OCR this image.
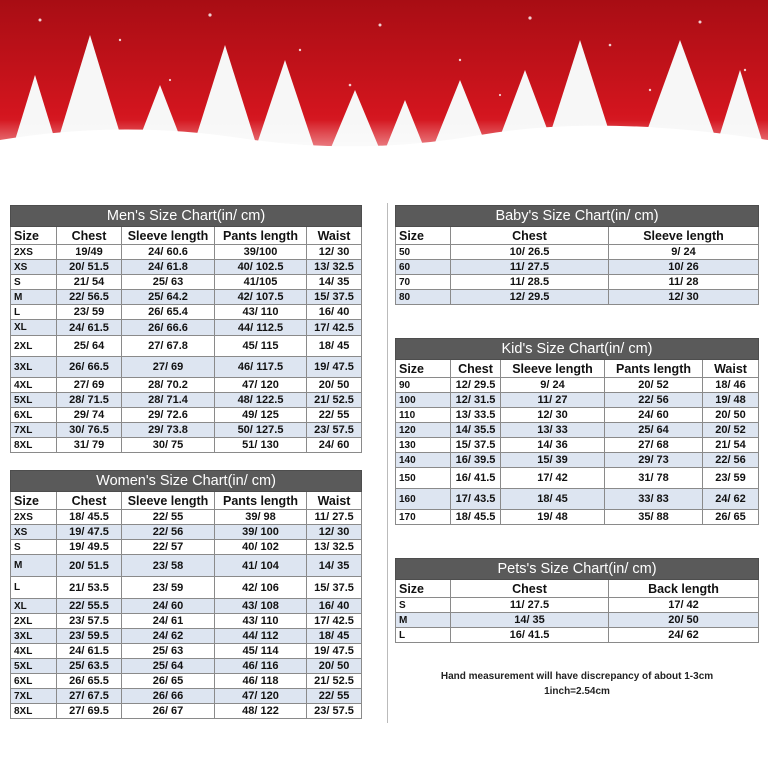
Men's Size Chart(in/ cm)				
Size	Chest	Sleeve length	Pants length	Waist
2XS	19/49	24/ 60.6	39/100	12/ 30
XS	20/ 51.5	24/ 61.8	40/ 102.5	13/ 32.5
S	21/ 54	25/ 63	41/105	14/ 35
M	22/ 56.5	25/ 64.2	42/ 107.5	15/ 37.5
L	23/ 59	26/ 65.4	43/ 110	16/ 40
XL	24/ 61.5	26/ 66.6	44/ 112.5	17/ 42.5
2XL	25/ 64	27/ 67.8	45/ 115	18/ 45
3XL	26/ 66.5	27/ 69	46/ 117.5	19/ 47.5
4XL	27/ 69	28/ 70.2	47/ 120	20/ 50
5XL	28/ 71.5	28/ 71.4	48/ 122.5	21/ 52.5
6XL	29/ 74	29/ 72.6	49/ 125	22/ 55
7XL	30/ 76.5	29/ 73.8	50/ 127.5	23/ 57.5
8XL	31/ 79	30/ 75	51/ 130	24/ 60
Women's Size Chart(in/ cm)				
Size	Chest	Sleeve length	Pants length	Waist
2XS	18/ 45.5	22/ 55	39/ 98	11/ 27.5
XS	19/ 47.5	22/ 56	39/ 100	12/ 30
S	19/ 49.5	22/ 57	40/ 102	13/ 32.5
M	20/ 51.5	23/ 58	41/ 104	14/ 35
L	21/ 53.5	23/ 59	42/ 106	15/ 37.5
XL	22/ 55.5	24/ 60	43/ 108	16/ 40
2XL	23/ 57.5	24/ 61	43/ 110	17/ 42.5
3XL	23/ 59.5	24/ 62	44/ 112	18/ 45
4XL	24/ 61.5	25/ 63	45/ 114	19/ 47.5
5XL	25/ 63.5	25/ 64	46/ 116	20/ 50
6XL	26/ 65.5	26/ 65	46/ 118	21/ 52.5
7XL	27/ 67.5	26/ 66	47/ 120	22/ 55
8XL	27/ 69.5	26/ 67	48/ 122	23/ 57.5
Baby's Size Chart(in/ cm)		
Size	Chest	Sleeve length
50	10/ 26.5	9/ 24
60	11/ 27.5	10/ 26
70	11/ 28.5	11/ 28
80	12/ 29.5	12/ 30
Kid's Size Chart(in/ cm)				
Size	Chest	Sleeve length	Pants length	Waist
90	12/ 29.5	9/ 24	20/ 52	18/ 46
100	12/ 31.5	11/ 27	22/ 56	19/ 48
110	13/ 33.5	12/ 30	24/ 60	20/ 50
120	14/ 35.5	13/ 33	25/ 64	20/ 52
130	15/ 37.5	14/ 36	27/ 68	21/ 54
140	16/ 39.5	15/ 39	29/ 73	22/ 56
150	16/ 41.5	17/ 42	31/ 78	23/ 59
160	17/ 43.5	18/ 45	33/ 83	24/ 62
170	18/ 45.5	19/ 48	35/ 88	26/ 65
Pets's Size Chart(in/ cm)		
Size	Chest	Back length
S	11/ 27.5	17/ 42
M	14/ 35	20/ 50
L	16/ 41.5	24/ 62
Hand measurement will have discrepancy of about 1-3cm
1inch=2.54cm
